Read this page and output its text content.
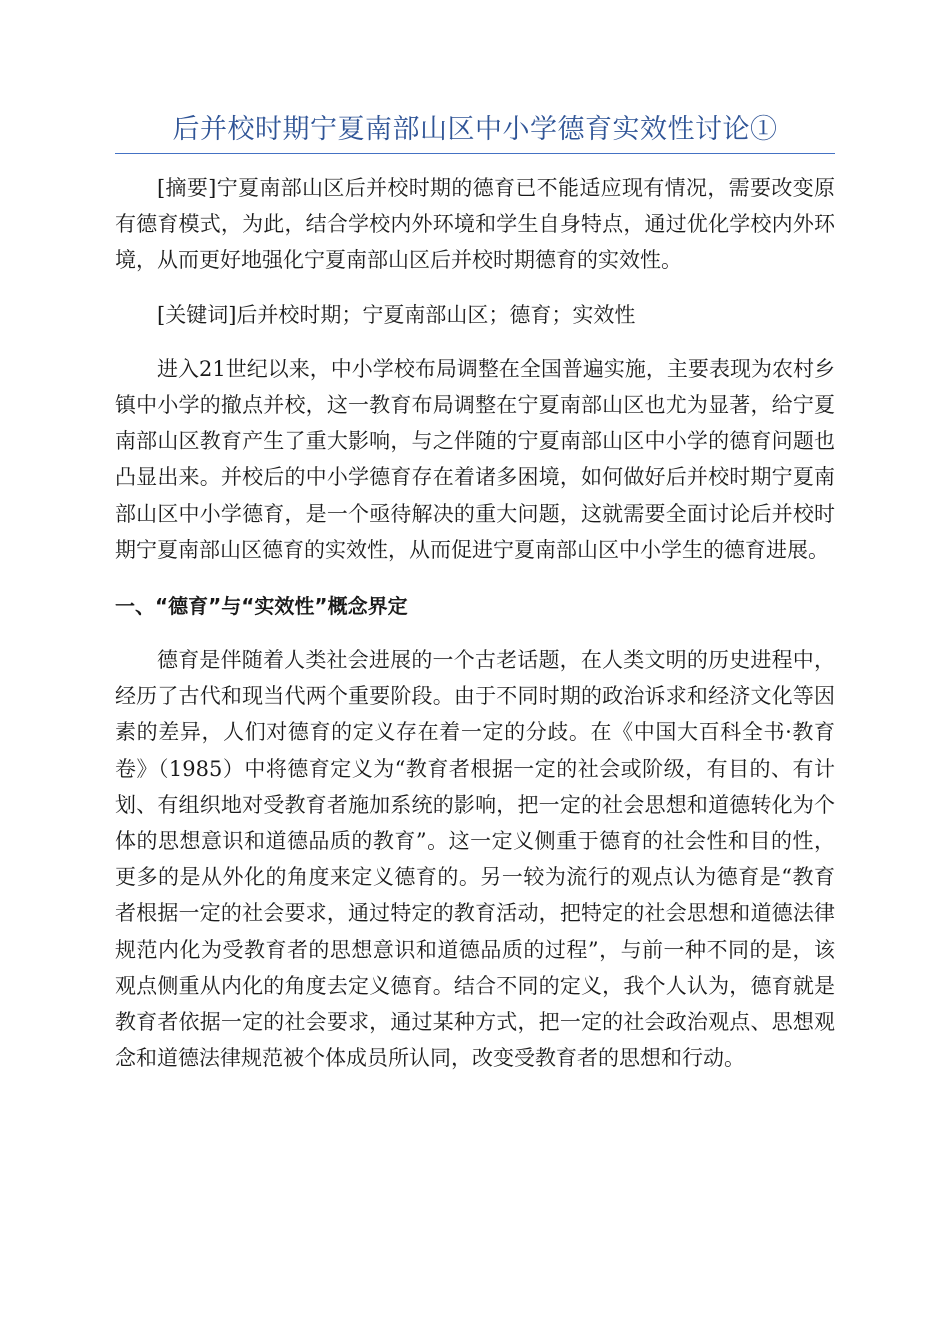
后并校时期宁夏南部山区中小学德育实效性讨论①

[摘要]宁夏南部山区后并校时期的德育已不能适应现有情况，需要改变原有德育模式，为此，结合学校内外环境和学生自身特点，通过优化学校内外环境，从而更好地强化宁夏南部山区后并校时期德育的实效性。

[关键词]后并校时期；宁夏南部山区；德育；实效性

进入21世纪以来，中小学校布局调整在全国普遍实施，主要表现为农村乡镇中小学的撤点并校，这一教育布局调整在宁夏南部山区也尤为显著，给宁夏南部山区教育产生了重大影响，与之伴随的宁夏南部山区中小学的德育问题也凸显出来。并校后的中小学德育存在着诸多困境，如何做好后并校时期宁夏南部山区中小学德育，是一个亟待解决的重大问题，这就需要全面讨论后并校时期宁夏南部山区德育的实效性，从而促进宁夏南部山区中小学生的德育进展。

一、“德育”与“实效性”概念界定

德育是伴随着人类社会进展的一个古老话题，在人类文明的历史进程中，经历了古代和现当代两个重要阶段。由于不同时期的政治诉求和经济文化等因素的差异，人们对德育的定义存在着一定的分歧。在《中国大百科全书·教育卷》（1985）中将德育定义为“教育者根据一定的社会或阶级，有目的、有计划、有组织地对受教育者施加系统的影响，把一定的社会思想和道德转化为个体的思想意识和道德品质的教育”。这一定义侧重于德育的社会性和目的性，更多的是从外化的角度来定义德育的。另一较为流行的观点认为德育是“教育者根据一定的社会要求，通过特定的教育活动，把特定的社会思想和道德法律规范内化为受教育者的思想意识和道德品质的过程”，与前一种不同的是，该观点侧重从内化的角度去定义德育。结合不同的定义，我个人认为，德育就是教育者依据一定的社会要求，通过某种方式，把一定的社会政治观点、思想观念和道德法律规范被个体成员所认同，改变受教育者的思想和行动。
